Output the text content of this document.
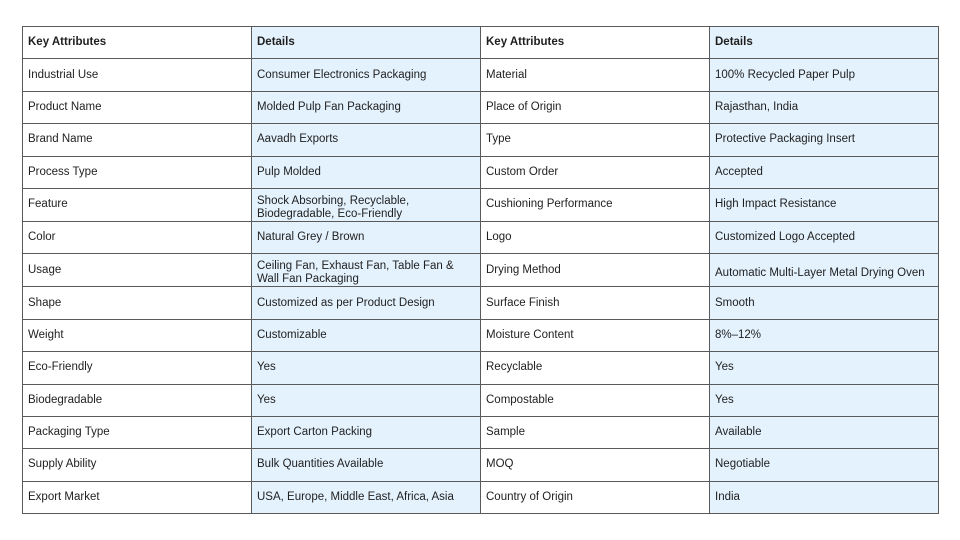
Key Attributes	Details	Key Attributes	Details
Industrial Use	Consumer Electronics Packaging	Material	100% Recycled Paper Pulp
Product Name	Molded Pulp Fan Packaging	Place of Origin	Rajasthan, India
Brand Name	Aavadh Exports	Type	Protective Packaging Insert
Process Type	Pulp Molded	Custom Order	Accepted
Feature	Shock Absorbing, Recyclable, Biodegradable, Eco-Friendly	Cushioning Performance	High Impact Resistance
Color	Natural Grey / Brown	Logo	Customized Logo Accepted
Usage	Ceiling Fan, Exhaust Fan, Table Fan & Wall Fan Packaging	Drying Method	Automatic Multi-Layer Metal Drying Oven

Shape	Customized as per Product Design	Surface Finish	Smooth
Weight	Customizable	Moisture Content	8%–12%
Eco-Friendly	Yes	Recyclable	Yes
Biodegradable	Yes	Compostable	Yes
Packaging Type	Export Carton Packing	Sample	Available
Supply Ability	Bulk Quantities Available	MOQ	Negotiable
Export Market	USA, Europe, Middle East, Africa, Asia	Country of Origin	India
